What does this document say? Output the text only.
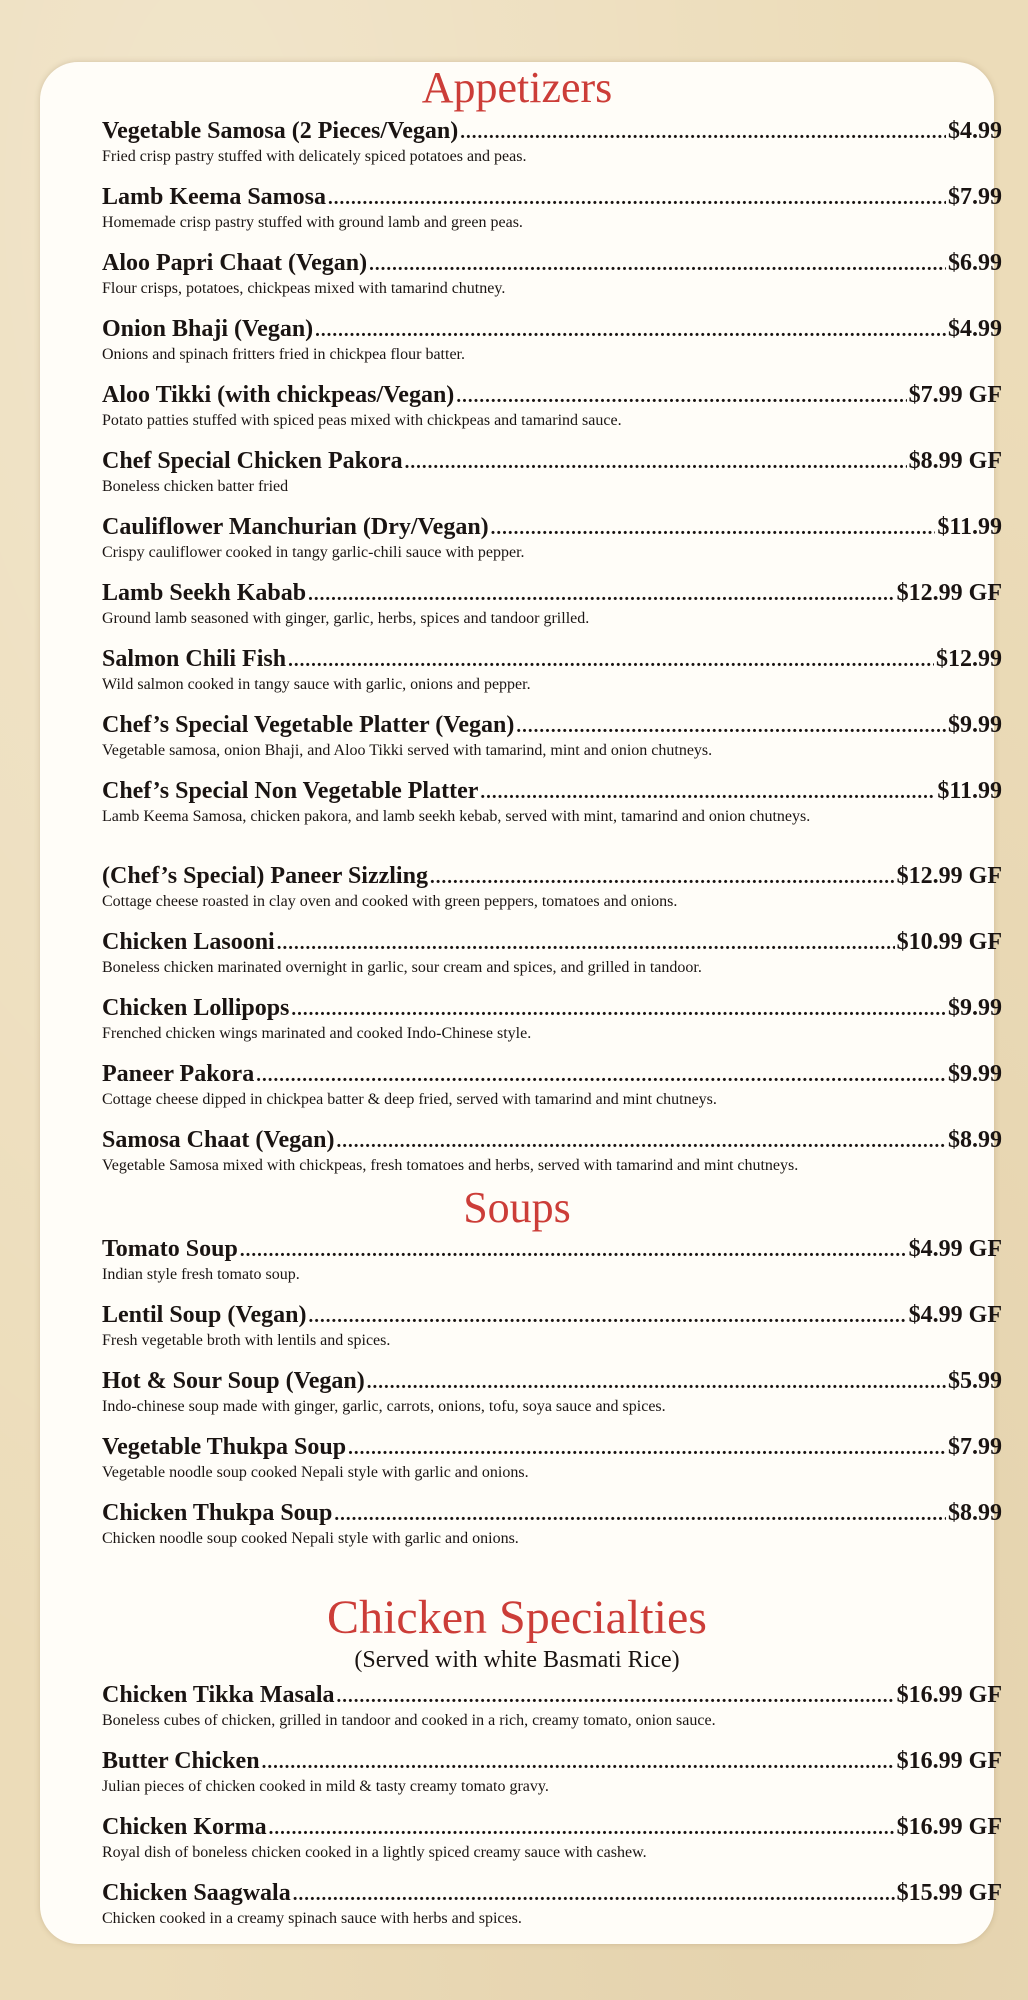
Appetizers
Vegetable Samosa (2 Pieces/Vegan) .....	$4.99
Fried crisp pastry stuffed with delicately spiced potatoes and peas.
Lamb Keema Samosa .....	$7.99
Homemade crisp pastry stuffed with ground lamb and green peas.
Aloo Papri Chaat (Vegan) .....	$6.99
Flour crisps, potatoes, chickpeas mixed with tamarind chutney.
Onion Bhaji (Vegan) .....	$4.99
Onions and spinach fritters fried in chickpea flour batter.
Aloo Tikki (with chickpeas/Vegan) .....	$7.99 GF
Potato patties stuffed with spiced peas mixed with chickpeas and tamarind sauce.
Chef Special Chicken Pakora .....	$8.99 GF
Boneless chicken batter fried
Cauliflower Manchurian (Dry/Vegan) .....	$11.99
Crispy cauliflower cooked in tangy garlic-chili sauce with pepper.
Lamb Seekh Kabab .....	$12.99 GF
Ground lamb seasoned with ginger, garlic, herbs, spices and tandoor grilled.
Salmon Chili Fish .....	$12.99
Wild salmon cooked in tangy sauce with garlic, onions and pepper.
Chef’s Special Vegetable Platter (Vegan) .....	$9.99
Vegetable samosa, onion Bhaji, and Aloo Tikki served with tamarind, mint and onion chutneys.
Chef’s Special Non Vegetable Platter .....	$11.99
Lamb Keema Samosa, chicken pakora, and lamb seekh kebab, served with mint, tamarind and onion chutneys.
(Chef’s Special) Paneer Sizzling .....	$12.99 GF
Cottage cheese roasted in clay oven and cooked with green peppers, tomatoes and onions.
Chicken Lasooni .....	$10.99 GF
Boneless chicken marinated overnight in garlic, sour cream and spices, and grilled in tandoor.
Chicken Lollipops .....	$9.99
Frenched chicken wings marinated and cooked Indo-Chinese style.
Paneer Pakora .....	$9.99
Cottage cheese dipped in chickpea batter & deep fried, served with tamarind and mint chutneys.
Samosa Chaat (Vegan) .....	$8.99
Vegetable Samosa mixed with chickpeas, fresh tomatoes and herbs, served with tamarind and mint chutneys.
Soups
Tomato Soup .....	$4.99 GF
Indian style fresh tomato soup.
Lentil Soup (Vegan) .....	$4.99 GF
Fresh vegetable broth with lentils and spices.
Hot & Sour Soup (Vegan) .....	$5.99
Indo-chinese soup made with ginger, garlic, carrots, onions, tofu, soya sauce and spices.
Vegetable Thukpa Soup .....	$7.99
Vegetable noodle soup cooked Nepali style with garlic and onions.
Chicken Thukpa Soup .....	$8.99
Chicken noodle soup cooked Nepali style with garlic and onions.
Chicken Specialties
(Served with white Basmati Rice)
Chicken Tikka Masala .....	$16.99 GF
Boneless cubes of chicken, grilled in tandoor and cooked in a rich, creamy tomato, onion sauce.
Butter Chicken .....	$16.99 GF
Julian pieces of chicken cooked in mild & tasty creamy tomato gravy.
Chicken Korma .....	$16.99 GF
Royal dish of boneless chicken cooked in a lightly spiced creamy sauce with cashew.
Chicken Saagwala .....	$15.99 GF
Chicken cooked in a creamy spinach sauce with herbs and spices.
